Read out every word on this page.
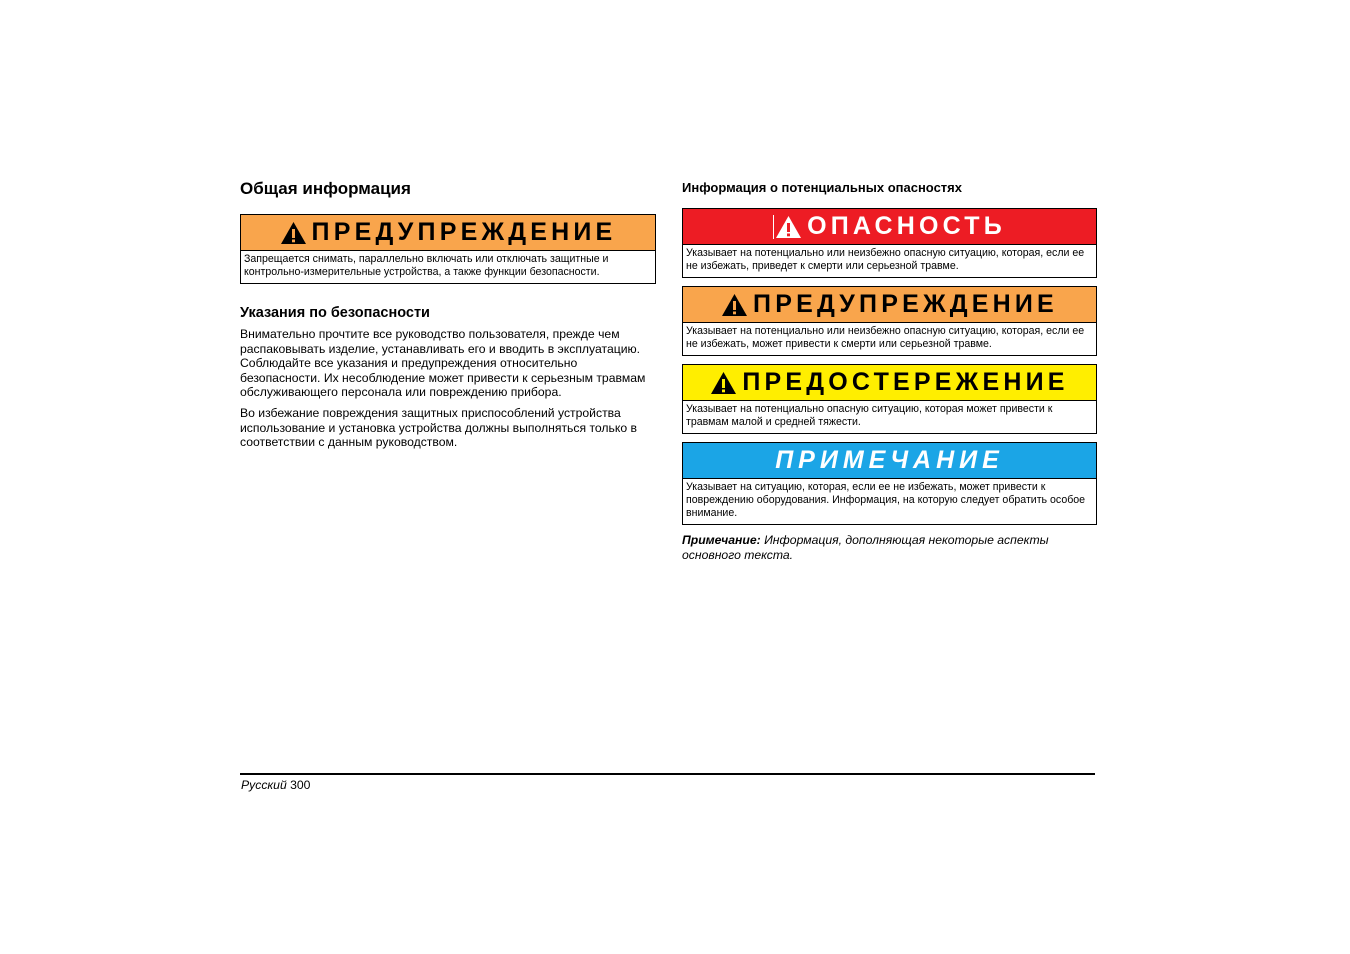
Общая информация
ПРЕДУПРЕЖДЕНИЕ
Запрещается снимать, параллельно включать или отключать защитные и контрольно-измерительные устройства, а также функции безопасности.
Указания по безопасности

Внимательно прочтите все руководство пользователя, прежде чем распаковывать изделие, устанавливать его и вводить в эксплуатацию. Соблюдайте все указания и предупреждения относительно безопасности. Их несоблюдение может привести к серьезным травмам обслуживающего персонала или повреждению прибора.

Во избежание повреждения защитных приспособлений устройства использование и установка устройства должны выполняться только в соответствии с данным руководством.

Информация о потенциальных опасностях
ОПАСНОСТЬ
Указывает на потенциально или неизбежно опасную ситуацию, которая, если ее не избежать, приведет к смерти или серьезной травме.
ПРЕДУПРЕЖДЕНИЕ
Указывает на потенциально или неизбежно опасную ситуацию, которая, если ее не избежать, может привести к смерти или серьезной травме.
ПРЕДОСТЕРЕЖЕНИЕ
Указывает на потенциально опасную ситуацию, которая может привести к травмам малой и средней тяжести.
ПРИМЕЧАНИЕ
Указывает на ситуацию, которая, если ее не избежать, может привести к повреждению оборудования. Информация, на которую следует обратить особое внимание.
Примечание: Информация, дополняющая некоторые аспекты основного текста.
Русский 300
